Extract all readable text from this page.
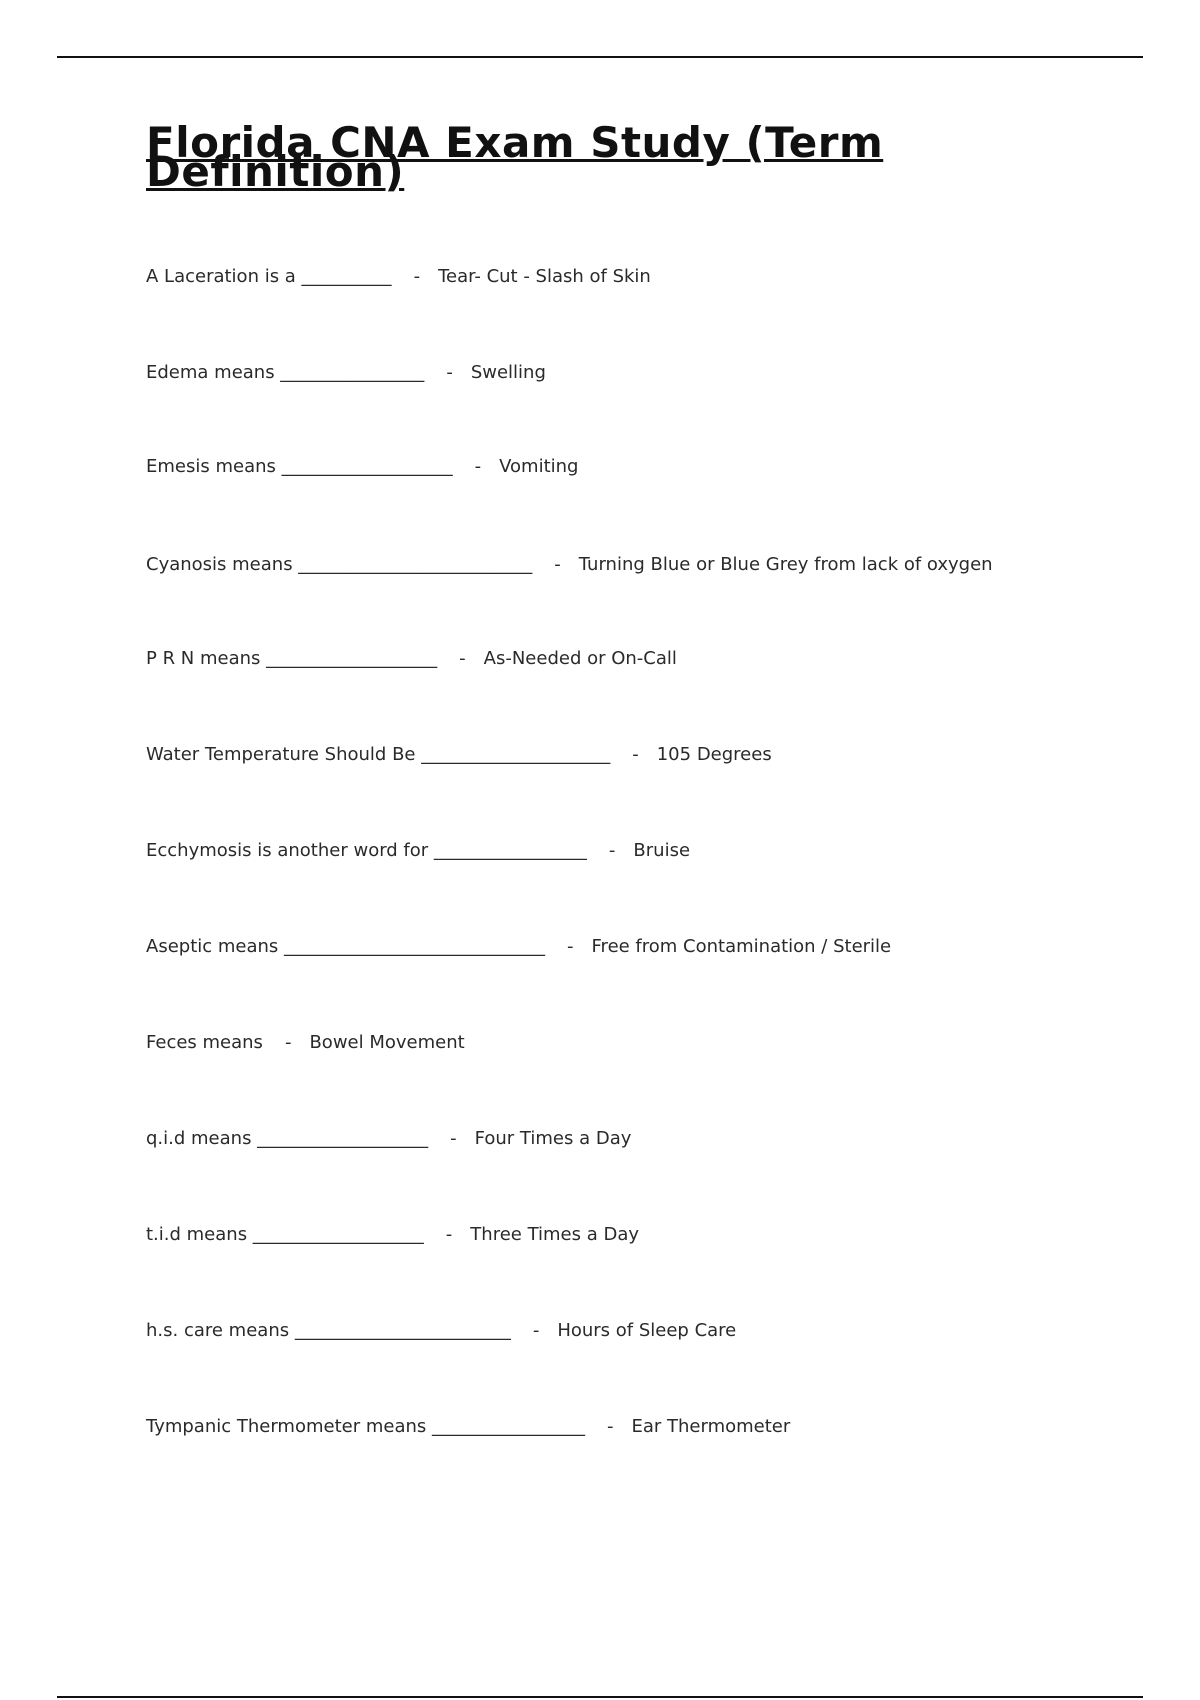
Florida CNA Exam Study (Term Definition)
A Laceration is a __________ - Tear- Cut - Slash of Skin
Edema means ________________ - Swelling
Emesis means ___________________ - Vomiting
Cyanosis means __________________________ - Turning Blue or Blue Grey from lack of oxygen
P R N means ___________________ - As-Needed or On-Call
Water Temperature Should Be _____________________ - 105 Degrees
Ecchymosis is another word for _________________ - Bruise
Aseptic means _____________________________ - Free from Contamination / Sterile
Feces means - Bowel Movement
q.i.d means ___________________ - Four Times a Day
t.i.d means ___________________ - Three Times a Day
h.s. care means ________________________ - Hours of Sleep Care
Tympanic Thermometer means _________________ - Ear Thermometer
